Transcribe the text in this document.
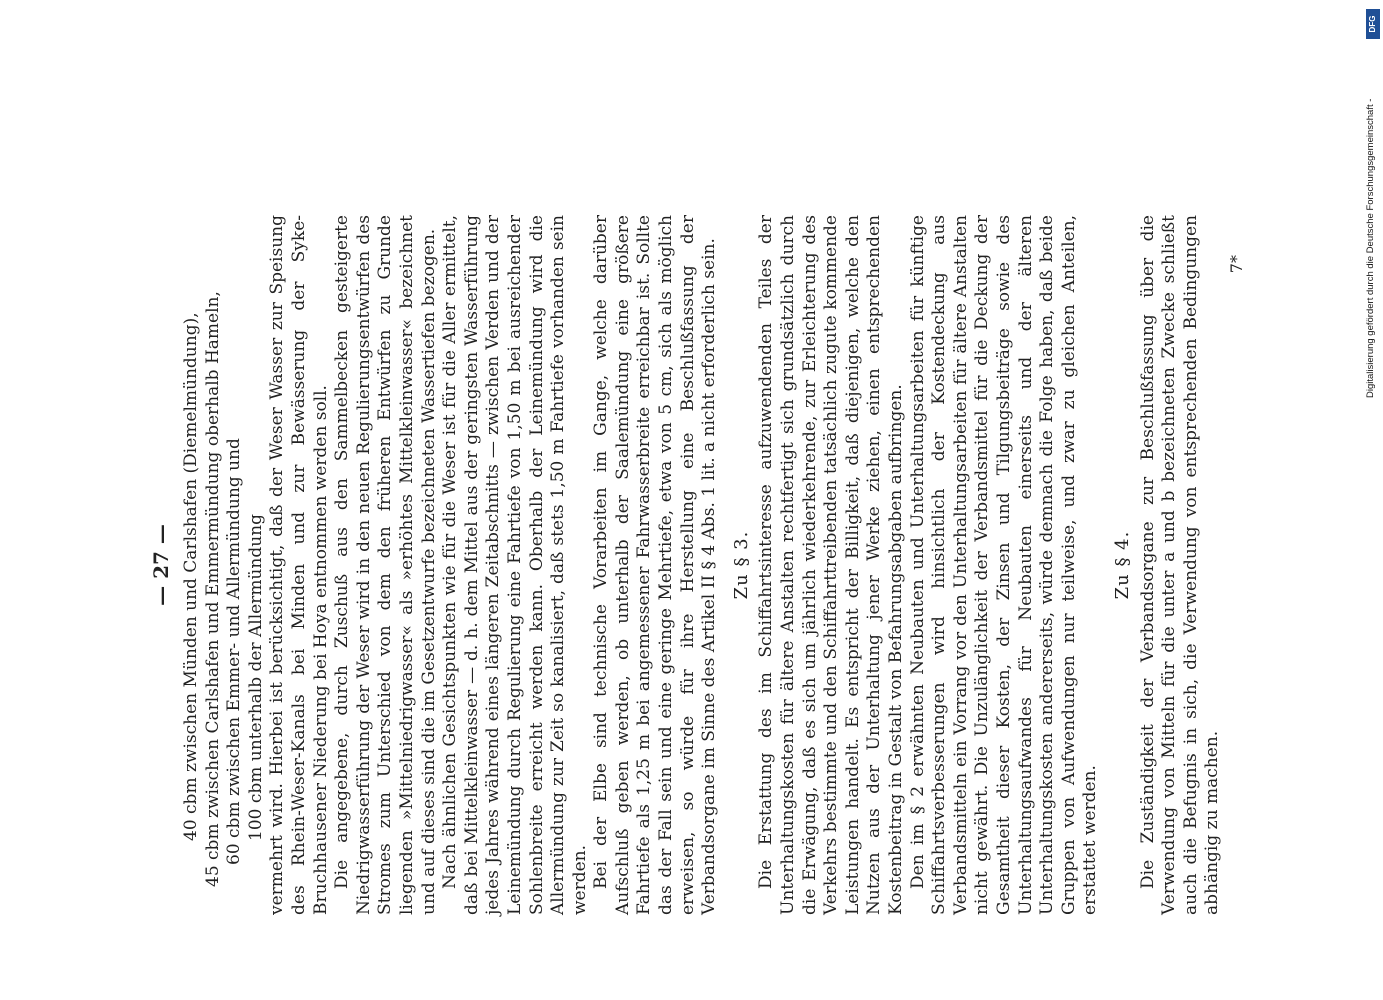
— 27 — 40 cbm zwischen Münden und Carlshafen (Diemelmündung), 45 cbm zwischen Carlshafen und Emmermündung oberhalb Hameln, 60 cbm zwischen Emmer- und Allermündung und 100 cbm unterhalb der Allermündung vermehrt wird. Hierbei ist berücksichtigt, daß der Weser Wasser zur Speisung des Rhein-Weser-Kanals bei Minden und zur Bewässerung der Syke-Bruchhausener Niederung bei Hoya entnommen werden soll. Die angegebene, durch Zuschuß aus den Sammelbecken gesteigerte Niedrigwasserführung der Weser wird in den neuen Regulierungsentwürfen des Stromes zum Unterschied von dem den früheren Entwürfen zu Grunde liegenden »Mittelniedrigwasser« als »erhöhtes Mittelkleinwasser« bezeichnet und auf dieses sind die im Gesetzentwurfe bezeichneten Wassertiefen bezogen. Nach ähnlichen Gesichtspunkten wie für die Weser ist für die Aller ermittelt, daß bei Mittelkleinwasser — d. h. dem Mittel aus der geringsten Wasserführung jedes Jahres während eines längeren Zeitabschnitts — zwischen Verden und der Leinemündung durch Regulierung eine Fahrtiefe von 1,50 m bei ausreichender Sohlenbreite erreicht werden kann. Oberhalb der Leinemündung wird die Allermündung zur Zeit so kanalisiert, daß stets 1,50 m Fahrtiefe vorhanden sein werden. Bei der Elbe sind technische Vorarbeiten im Gange, welche darüber Aufschluß geben werden, ob unterhalb der Saalemündung eine größere Fahrtiefe als 1,25 m bei angemessener Fahrwasserbreite erreichbar ist. Sollte das der Fall sein und eine geringe Mehrtiefe, etwa von 5 cm, sich als möglich erweisen, so würde für ihre Herstellung eine Beschlußfassung der Verbandsorgane im Sinne des Artikel II § 4 Abs. 1 lit. a nicht erforderlich sein. Zu § 3. Die Erstattung des im Schiffahrtsinteresse aufzuwendenden Teiles der Unterhaltungskosten für ältere Anstalten rechtfertigt sich grundsätzlich durch die Erwägung, daß es sich um jährlich wiederkehrende, zur Erleichterung des Verkehrs bestimmte und den Schiffahrttreibenden tatsächlich zugute kommende Leistungen handelt. Es entspricht der Billigkeit, daß diejenigen, welche den Nutzen aus der Unterhaltung jener Werke ziehen, einen entsprechenden Kostenbeitrag in Gestalt von Befahrungsabgaben aufbringen. Den im § 2 erwähnten Neubauten und Unterhaltungsarbeiten für künftige Schiffahrtsverbesserungen wird hinsichtlich der Kostendeckung aus Verbandsmitteln ein Vorrang vor den Unterhaltungsarbeiten für ältere Anstalten nicht gewährt. Die Unzulänglichkeit der Verbandsmittel für die Deckung der Gesamtheit dieser Kosten, der Zinsen und Tilgungsbeiträge sowie des Unterhaltungsaufwandes für Neubauten einerseits und der älteren Unterhaltungskosten andererseits, würde demnach die Folge haben, daß beide Gruppen von Aufwendungen nur teilweise, und zwar zu gleichen Anteilen, erstattet werden.

Zu § 4. Die Zuständigkeit der Verbandsorgane zur Beschlußfassung über die Verwendung von Mitteln für die unter a und b bezeichneten Zwecke schließt auch die Befugnis in sich, die Verwendung von entsprechenden Bedingungen abhängig zu machen.

7*	Digitalisierung gefördert durch die Deutsche Forschungsgemeinschaft -
DFG
